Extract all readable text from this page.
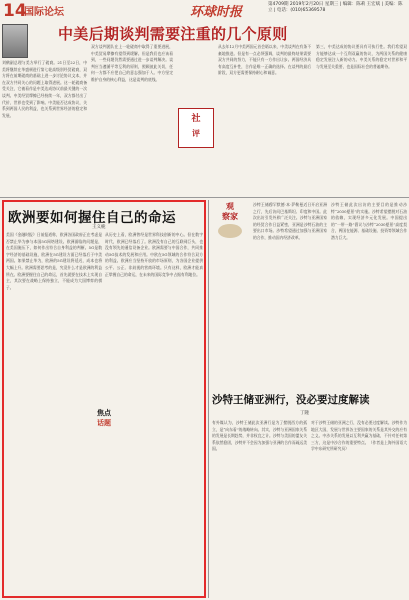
14
国际论坛	环球时报
第4709期 2019年2月20日 星期三 | 编辑：陈莉 王宏斌 | 美编：陈 立 | 电话：(010)65369578
中美后期谈判需要注重的几个原则
刘鹤副总理与美方举行了磋商。21日至22日，中美将继续在华盛顿进行第七轮高级别经贸磋商，双方将在前期磋商的基础上进一步讨论协议文本，并在双方共同关心的问题上取得进展。这一轮磋商备受关注，它被看作是中美达成协议前最关键的一次谈判。中美经贸摩擦已经持续一年，双方都付出了代价，世界也受到了影响。中美能否达成协议，关系到两国人民的利益，也关系到世界经济的稳定和发展。
双方谈判团队在上一轮磋商中取得了重要进展，中美贸易摩擦有望得到缓解。但是我们也应该看到，一些问题仍然需要通过进一步谈判解决。谈判应当遵循平等互利的原则，照顾彼此关切，任何一方都不应把自己的意志强加于人。中方坚定维护自身的核心利益，这是谈判的底线。
从去年12月中美两国元首会晤以来，中美谈判在有条不紊地推进。但是有一点必须强调，谈判的最终结果需要双方共同的努力，不能只有一方作出让步。两国经济具有高度互补性，合作是唯一正确的选择。在谈判的最后阶段，双方更需要保持耐心和诚意。
第三，中美达成的协议要具有可执行性。我们希望双方能够达成一个互利双赢的协议，为两国关系的健康稳定发展注入新的动力。中美关系的稳定对世界和平与发展至关重要，也是国际社会的普遍期待。
社
评
欧洲要如何握住自己的命运
王义桅
美国《金融时报》日前报道称，欧洲各国政府正在考虑是否禁止华为参与本国5G网络建设。欧洲面临的问题是，在美国施压下，如何作出符合自身利益的判断。5G是数字经济的基础设施，欧洲在5G建设方面已经落后于中美两国。如果禁止华为，欧洲的5G建设将延迟，成本也将大幅上升。欧洲需要思考的是，究竟什么才是欧洲的利益所在。欧洲要握住自己的命运，首先就要在技术上实现自主，其次要在战略上保持独立，不能成为大国博弈的棋子。
从历史上看，欧洲曾经是世界科技创新的中心。但在数字时代，欧洲已经落后了。欧洲没有自己的互联网巨头，也没有领先的通信设备企业。欧洲需要与中国合作，共同推动5G技术的发展和应用。中欧在5G领域的合作符合双方的利益。欧洲应当坚持开放的市场原则，为各国企业提供公平、公正、非歧视的营商环境。只有这样，欧洲才能真正掌握自己的命运，在未来的国际竞争中占据有利地位。
焦点
话题
观
察家
沙特王储穆罕默德·本·萨勒曼近日开启亚洲之行，先后访问巴基斯坦、印度和中国。此次出访引发外界广泛关注。沙特与亚洲国家的经贸合作日益紧密，亚洲是沙特石油的主要出口市场。沙特希望通过加强与亚洲国家的合作，推动国内经济改革。
沙特王储此次出访的主要目的是推动沙特“2030愿景”的实施。沙特希望摆脱对石油的依赖，实现经济多元化发展。中国提出的“一带一路”倡议与沙特“2030愿景”高度契合，两国在能源、基础设施、投资等领域合作潜力巨大。
沙特王储亚洲行，没必要过度解读
丁隆
有外媒认为，沙特王储此次亚洲行是为了摆脱西方的孤立，是“向东看”的战略转向。其实，沙特与亚洲国家关系的发展是长期趋势，并非权宜之计。沙特与美国的盟友关系依然稳固，沙特并不会因为加强与亚洲的合作而疏远美国。
对于沙特王储的亚洲之行，没有必要过度解读。沙特作为地区大国，发展与世界各主要国家的关系是其外交的应有之义。中沙关系的发展以互利共赢为基础，不针对任何第三方，这是中沙合作的重要特点。（作者是上海外国语大学中东研究所研究员）
